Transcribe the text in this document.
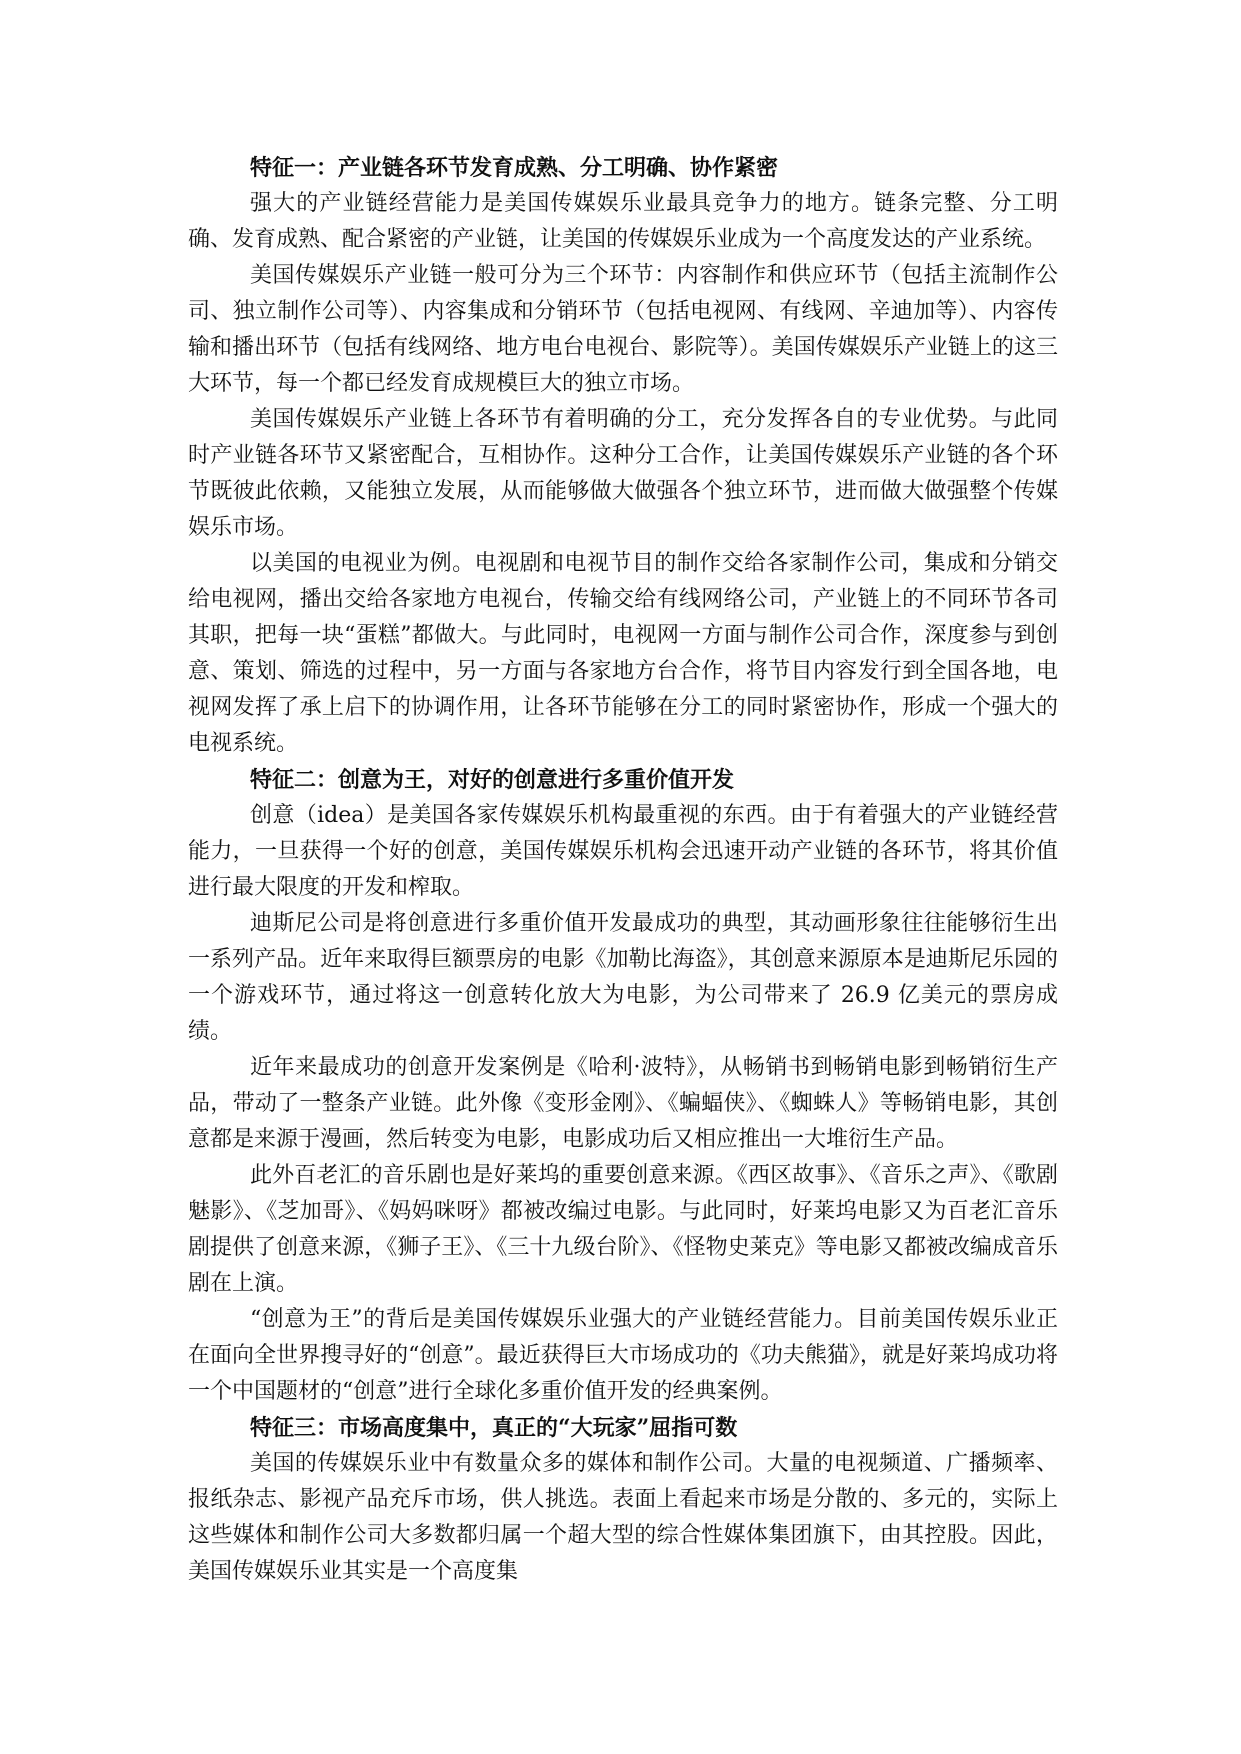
特征一：产业链各环节发育成熟、分工明确、协作紧密

强大的产业链经营能力是美国传媒娱乐业最具竞争力的地方。链条完整、分工明确、发育成熟、配合紧密的产业链，让美国的传媒娱乐业成为一个高度发达的产业系统。

美国传媒娱乐产业链一般可分为三个环节：内容制作和供应环节（包括主流制作公司、独立制作公司等）、内容集成和分销环节（包括电视网、有线网、辛迪加等）、内容传输和播出环节（包括有线网络、地方电台电视台、影院等）。美国传媒娱乐产业链上的这三大环节，每一个都已经发育成规模巨大的独立市场。

美国传媒娱乐产业链上各环节有着明确的分工，充分发挥各自的专业优势。与此同时产业链各环节又紧密配合，互相协作。这种分工合作，让美国传媒娱乐产业链的各个环节既彼此依赖，又能独立发展，从而能够做大做强各个独立环节，进而做大做强整个传媒娱乐市场。

以美国的电视业为例。电视剧和电视节目的制作交给各家制作公司，集成和分销交给电视网，播出交给各家地方电视台，传输交给有线网络公司，产业链上的不同环节各司其职，把每一块“蛋糕”都做大。与此同时，电视网一方面与制作公司合作，深度参与到创意、策划、筛选的过程中，另一方面与各家地方台合作，将节目内容发行到全国各地，电视网发挥了承上启下的协调作用，让各环节能够在分工的同时紧密协作，形成一个强大的电视系统。

特征二：创意为王，对好的创意进行多重价值开发

创意（idea）是美国各家传媒娱乐机构最重视的东西。由于有着强大的产业链经营能力，一旦获得一个好的创意，美国传媒娱乐机构会迅速开动产业链的各环节，将其价值进行最大限度的开发和榨取。

迪斯尼公司是将创意进行多重价值开发最成功的典型，其动画形象往往能够衍生出一系列产品。近年来取得巨额票房的电影《加勒比海盗》，其创意来源原本是迪斯尼乐园的一个游戏环节，通过将这一创意转化放大为电影，为公司带来了 26.9 亿美元的票房成绩。

近年来最成功的创意开发案例是《哈利·波特》，从畅销书到畅销电影到畅销衍生产品，带动了一整条产业链。此外像《变形金刚》、《蝙蝠侠》、《蜘蛛人》等畅销电影，其创意都是来源于漫画，然后转变为电影，电影成功后又相应推出一大堆衍生产品。

此外百老汇的音乐剧也是好莱坞的重要创意来源。《西区故事》、《音乐之声》、《歌剧魅影》、《芝加哥》、《妈妈咪呀》都被改编过电影。与此同时，好莱坞电影又为百老汇音乐剧提供了创意来源，《狮子王》、《三十九级台阶》、《怪物史莱克》等电影又都被改编成音乐剧在上演。

“创意为王”的背后是美国传媒娱乐业强大的产业链经营能力。目前美国传娱乐业正在面向全世界搜寻好的“创意”。最近获得巨大市场成功的《功夫熊猫》，就是好莱坞成功将一个中国题材的“创意”进行全球化多重价值开发的经典案例。

特征三：市场高度集中，真正的“大玩家”屈指可数

美国的传媒娱乐业中有数量众多的媒体和制作公司。大量的电视频道、广播频率、报纸杂志、影视产品充斥市场，供人挑选。表面上看起来市场是分散的、多元的，实际上这些媒体和制作公司大多数都归属一个超大型的综合性媒体集团旗下，由其控股。因此，美国传媒娱乐业其实是一个高度集
